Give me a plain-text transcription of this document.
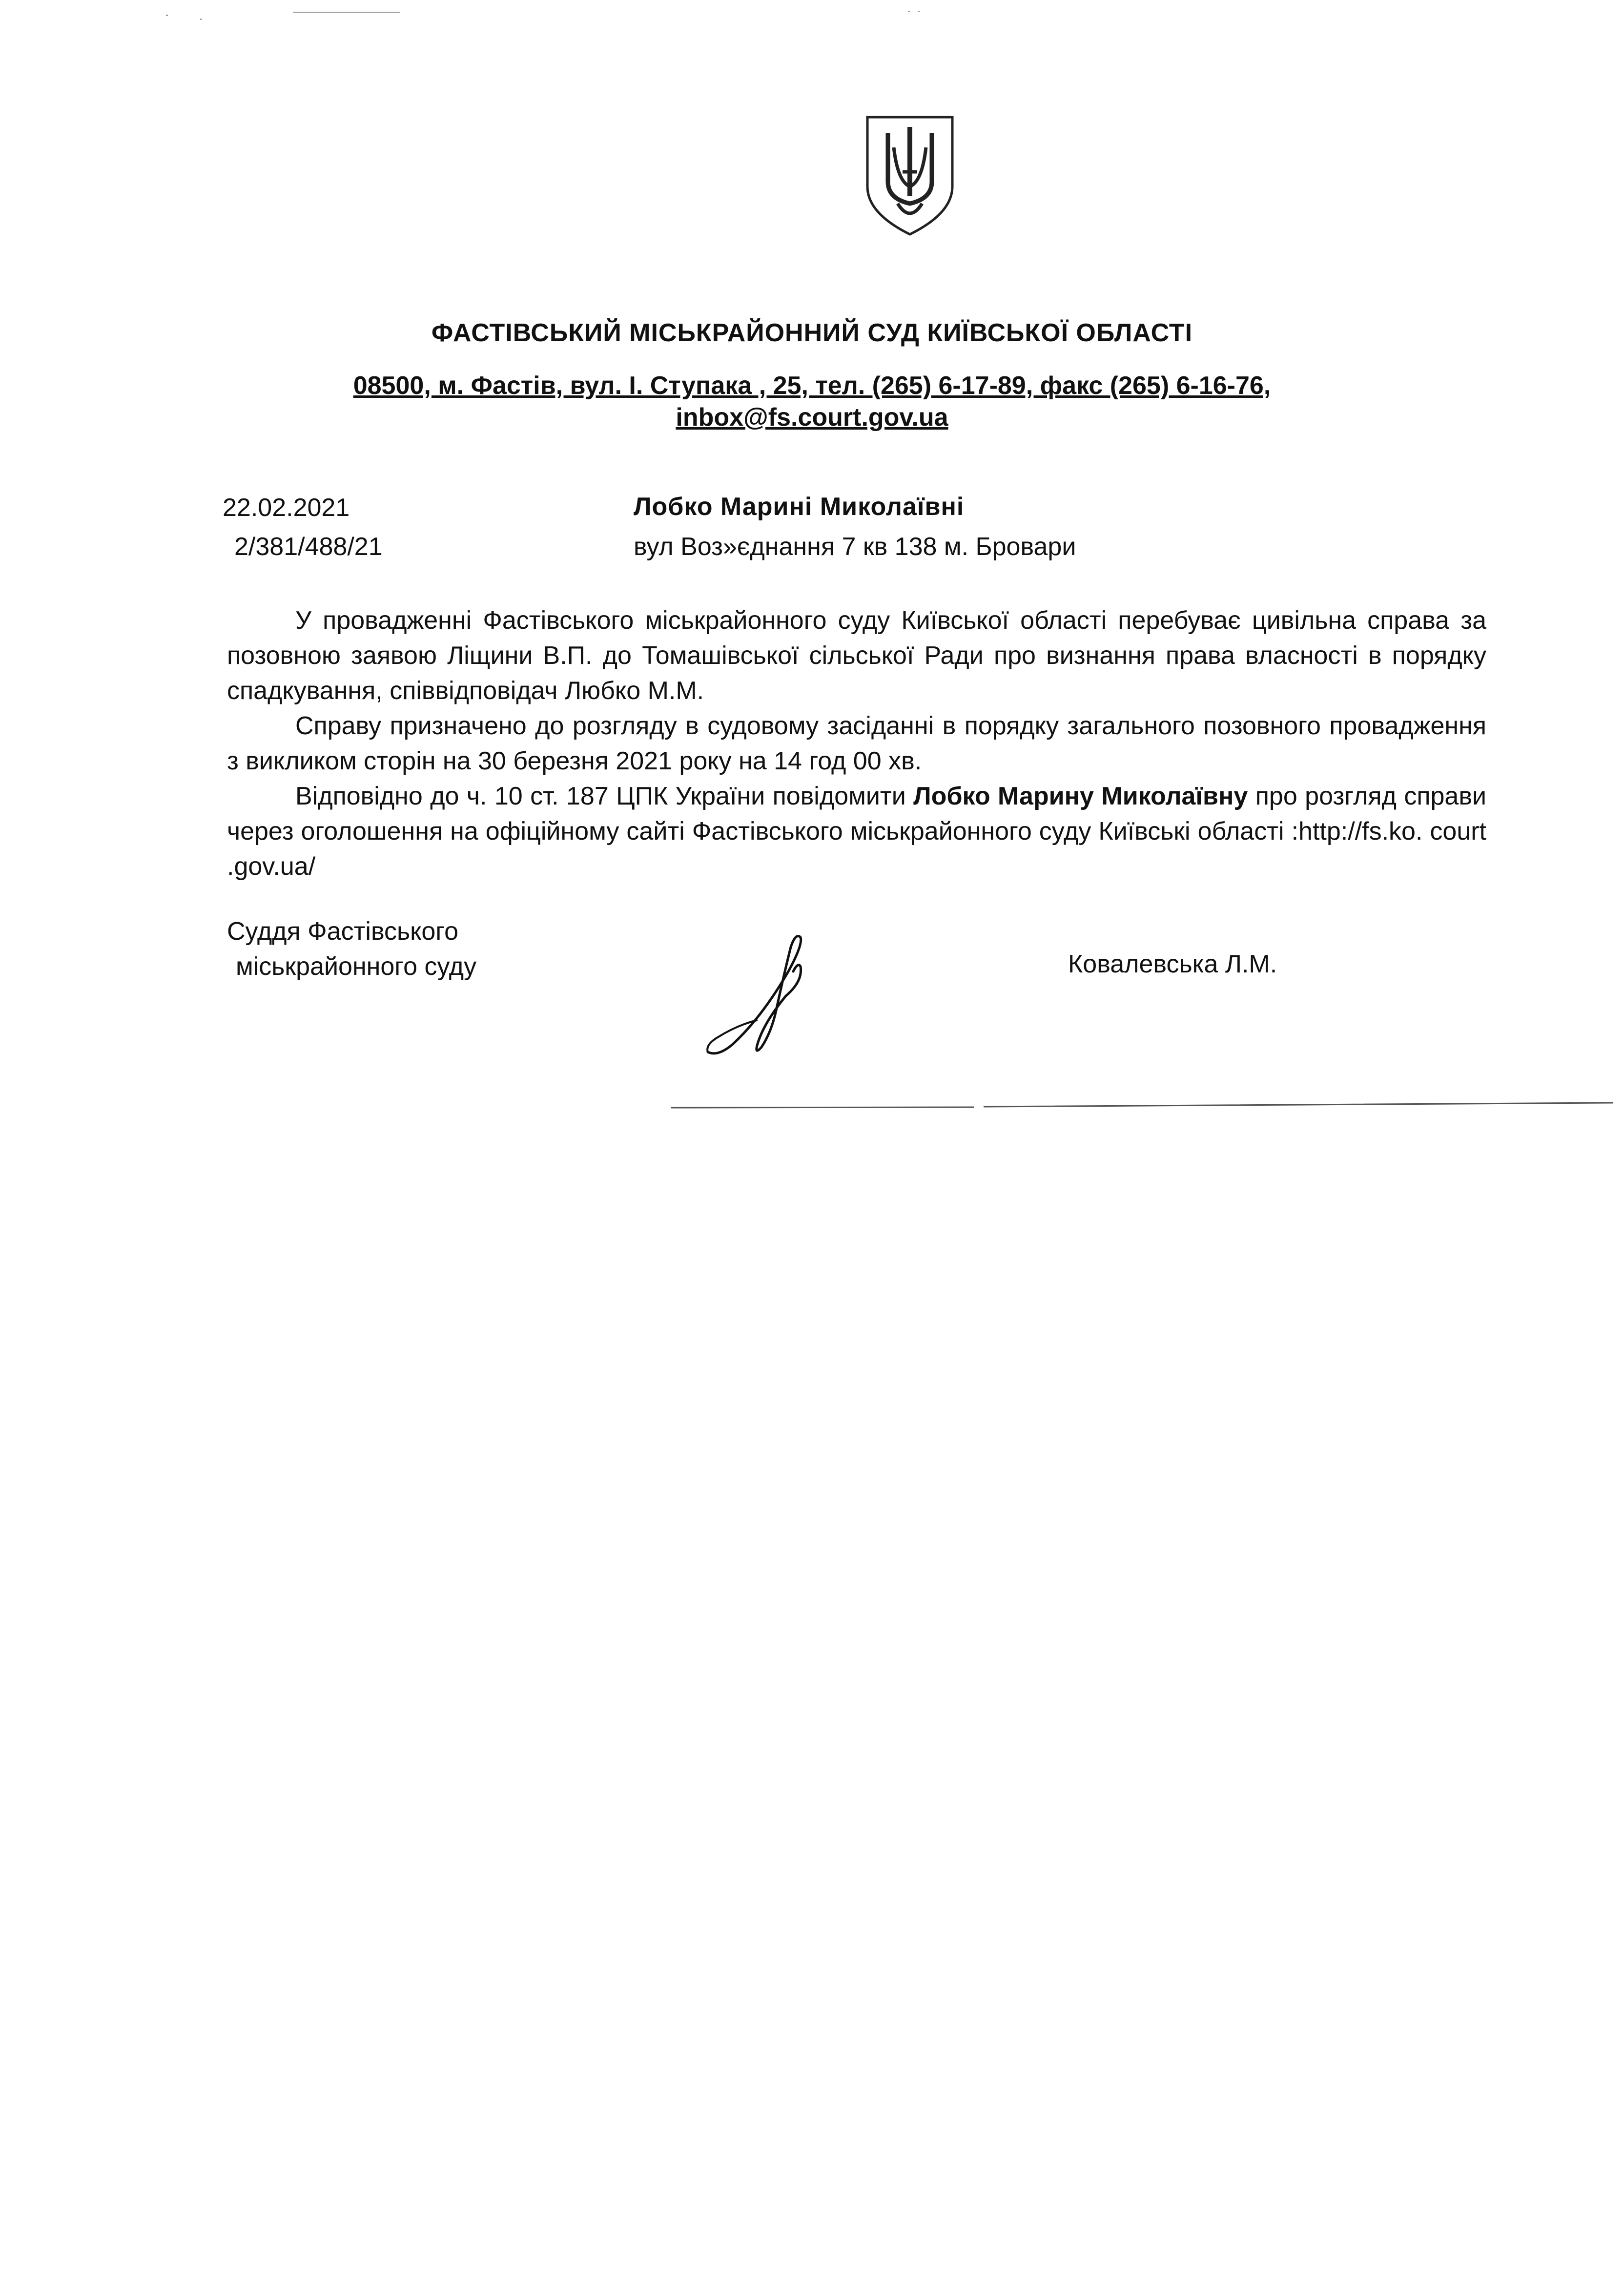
ФАСТІВСЬКИЙ МІСЬКРАЙОННИЙ СУД КИЇВСЬКОЇ ОБЛАСТІ
08500, м. Фастів, вул. І. Ступака , 25, тел. (265) 6-17-89, факс (265) 6-16-76,
inbox@fs.court.gov.ua
22.02.2021
2/381/488/21
Лобко Марині Миколаївні
вул Воз»єднання 7 кв 138 м. Бровари

У провадженні Фастівського міськрайонного суду Київської області перебуває цивільна справа за позовною заявою Ліщини В.П. до Томашівської сільської Ради про визнання права власності в порядку спадкування, співвідповідач Любко М.М.

Справу призначено до розгляду в судовому засіданні в порядку загального позовного провадження з викликом сторін на 30 березня 2021 року на 14 год 00 хв.

Відповідно до ч. 10 ст. 187 ЦПК України повідомити Лобко Марину Миколаївну про розгляд справи через оголошення на офіційному сайті Фастівського міськрайонного суду Київські області :http://fs.ko. court .gov.ua/

Суддя Фастівського
міськрайонного суду	Ковалевська Л.М.
